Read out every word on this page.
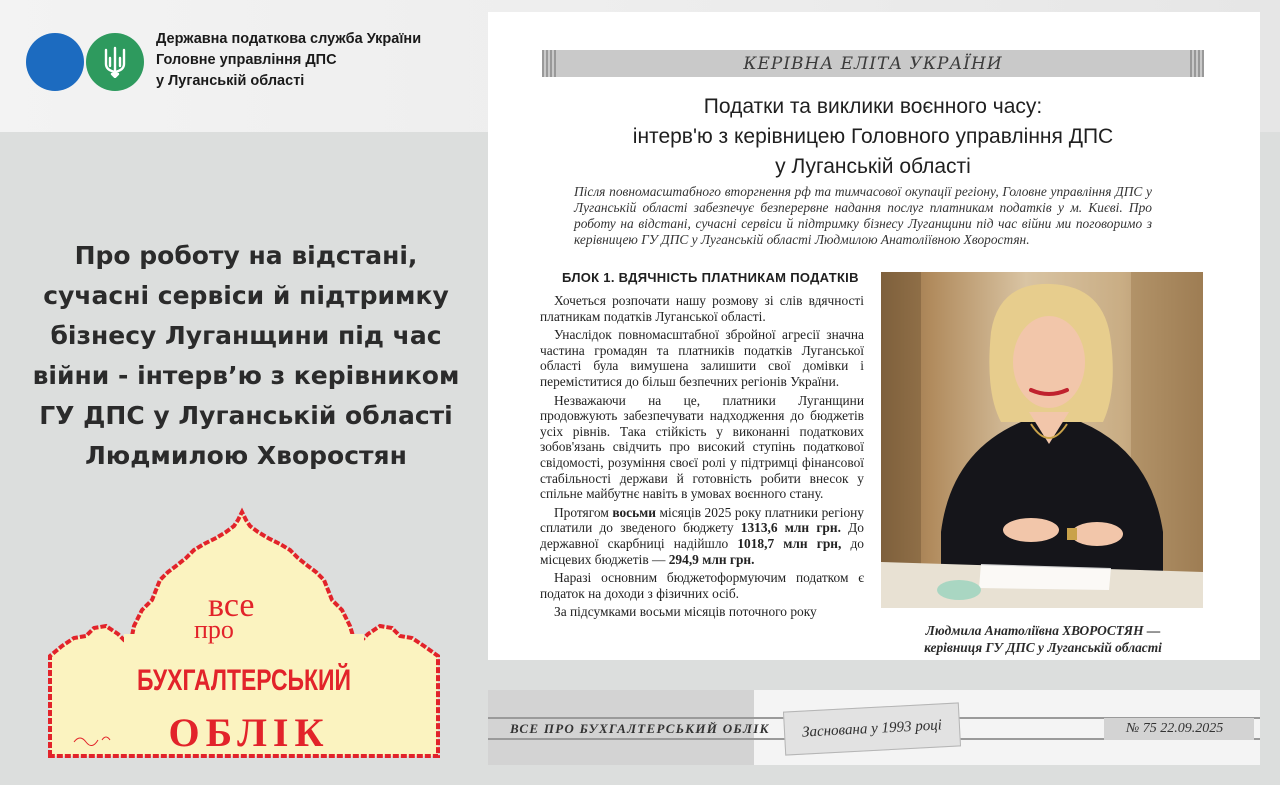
Державна податкова служба України
Головне управління ДПС
у Луганській області
Про роботу на відстані,
сучасні сервіси й підтримку
бізнесу Луганщини під час
війни - інтерв’ю з керівником
ГУ ДПС у Луганській області
Людмилою Хворостян
все
про
БУХГАЛТЕРСЬКИЙ
ОБЛІК
КЕРІВНА ЕЛІТА УКРАЇНИ
Податки та виклики воєнного часу:
інтерв'ю з керівницею Головного управління ДПС
у Луганській області
Після повномасштабного вторгнення рф та тимчасової окупації регіону, Головне управління ДПС у Луганській області забезпечує безперервне надання послуг платникам податків у м. Києві. Про роботу на відстані, сучасні сервіси й підтримку бізнесу Луганщини під час війни ми поговоримо з керівницею ГУ ДПС у Луганській області Людмилою Анатоліївною Хворостян.
БЛОК 1. ВДЯЧНІСТЬ ПЛАТНИКАМ ПОДАТКІВ

Хочеться розпочати нашу розмову зі слів вдячності платникам податків Луганської області.

Унаслідок повномасштабної збройної агресії значна частина громадян та платників податків Луганської області була вимушена залишити свої домівки і переміститися до більш безпечних регіонів України.

Незважаючи на це, платники Луганщини продовжують забезпечувати надходження до бюджетів усіх рівнів. Така стійкість у виконанні податкових зобов'язань свідчить про високий ступінь податкової свідомості, розуміння своєї ролі у підтримці фінансової стабільності держави й готовність робити внесок у спільне майбутнє навіть в умовах воєнного стану.

Протягом восьми місяців 2025 року платники регіону сплатили до зведеного бюджету 1313,6 млн грн. До державної скарбниці надійшло 1018,7 млн грн, до місцевих бюджетів — 294,9 млн грн.

Наразі основним бюджетоформуючим податком є податок на доходи з фізичних осіб.

За підсумками восьми місяців поточного року

Людмила Анатоліївна ХВОРОСТЯН —
керівниця ГУ ДПС у Луганській області
ВСЕ ПРО БУХГАЛТЕРСЬКИЙ ОБЛІК Заснована у 1993 році	№ 75 22.09.2025
